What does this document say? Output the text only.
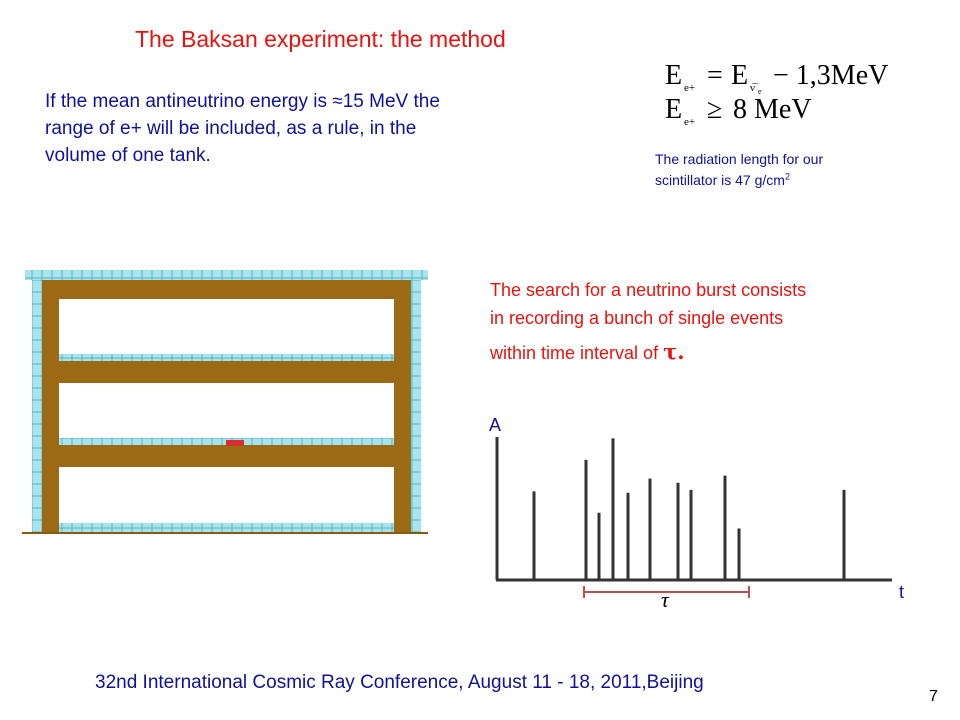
The Baksan experiment: the method
If the mean antineutrino energy is ≈15 MeV the
range of e+ will be included, as a rule, in the
volume of one tank.
E e+ = E ν̅ e
− 1,3MeV
E e+ ≥ 8 MeV
The radiation length for our
scintillator is 47 $g/cm^2$
The search for a neutrino burst consists
in recording a bunch of single events
within time interval of τ.
A
t
τ
32nd International Cosmic Ray Conference, August 11 - 18, 2011,Beijing
7
